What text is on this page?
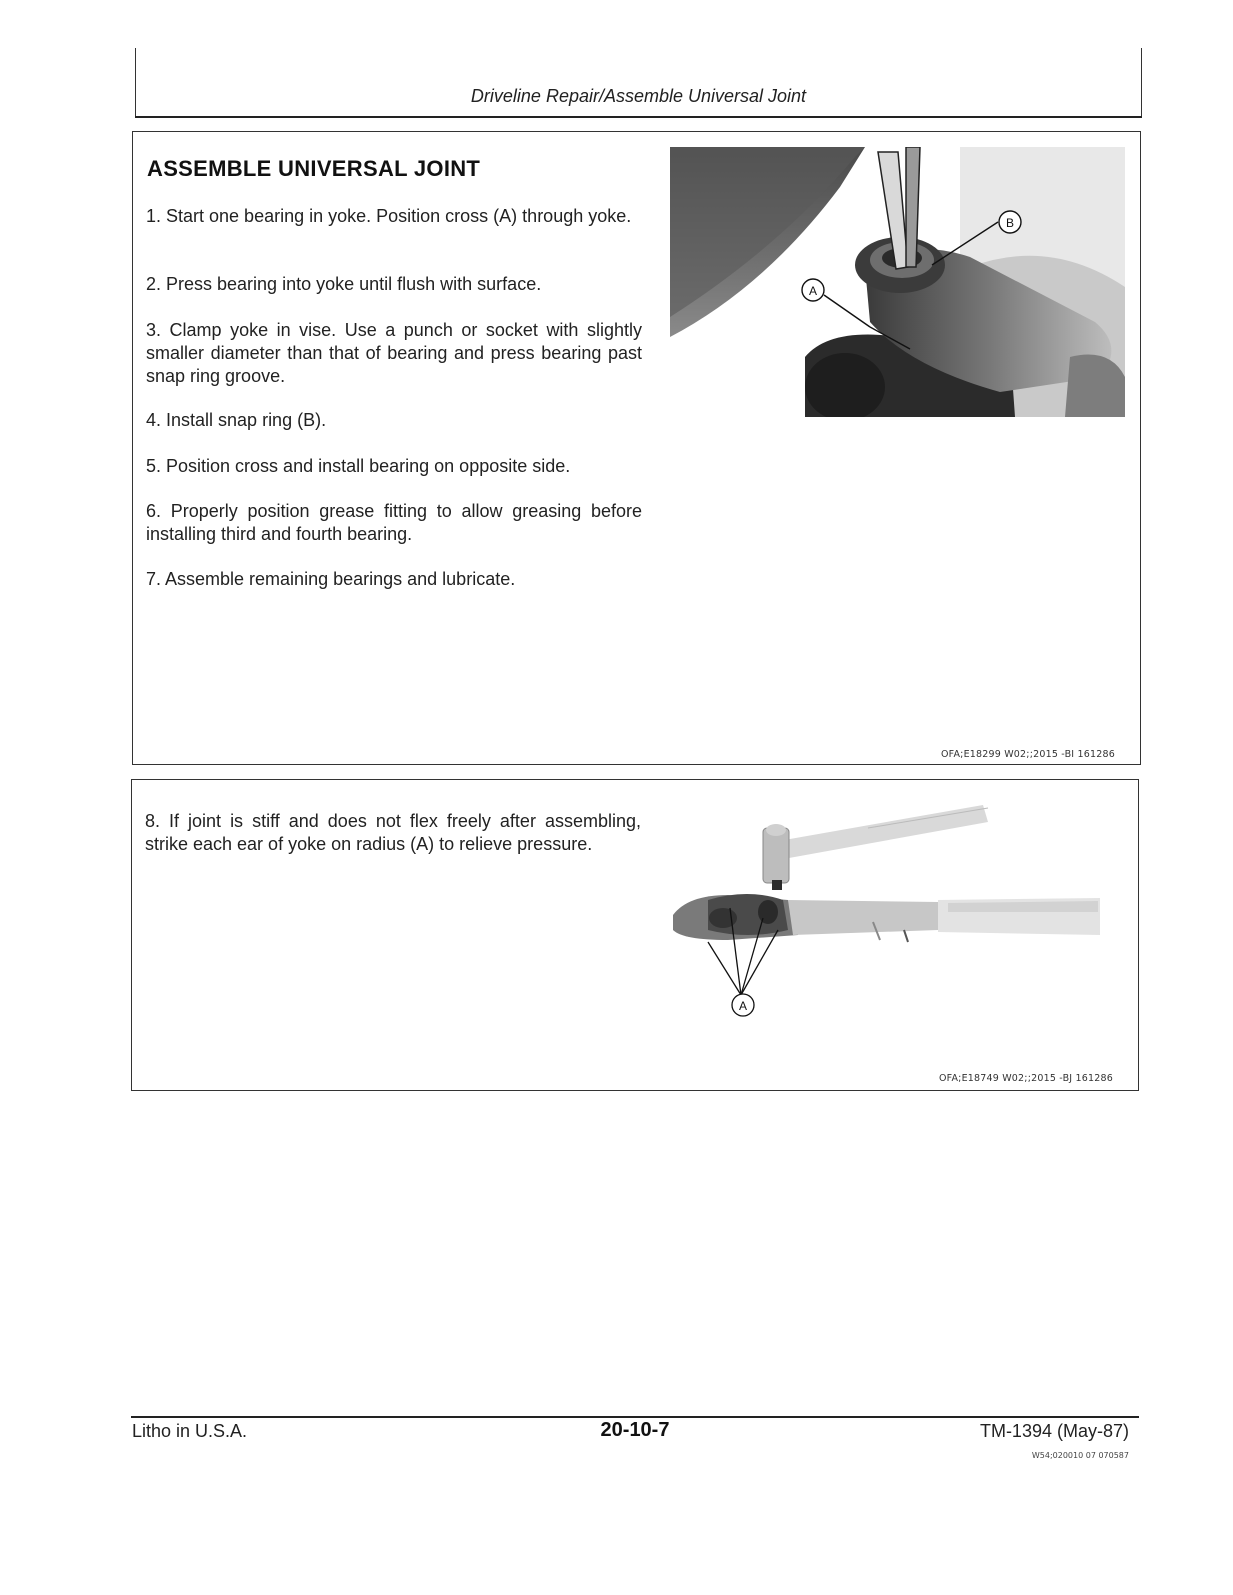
Driveline Repair/Assemble Universal Joint
ASSEMBLE UNIVERSAL JOINT
1. Start one bearing in yoke. Position cross (A) through yoke.
2. Press bearing into yoke until flush with surface.
3. Clamp yoke in vise. Use a punch or socket with slightly smaller diameter than that of bearing and press bearing past snap ring groove.
4. Install snap ring (B).
5. Position cross and install bearing on opposite side.
6. Properly position grease fitting to allow greasing before installing third and fourth bearing.
7. Assemble remaining bearings and lubricate.
A
B
OFA;E18299 W02;;2015 -BI 161286
8. If joint is stiff and does not flex freely after assembling, strike each ear of yoke on radius (A) to relieve pressure.
A
OFA;E18749 W02;;2015 -BJ 161286
Litho in U.S.A.	20-10-7	TM-1394 (May-87)
W54;020010 07 070587
